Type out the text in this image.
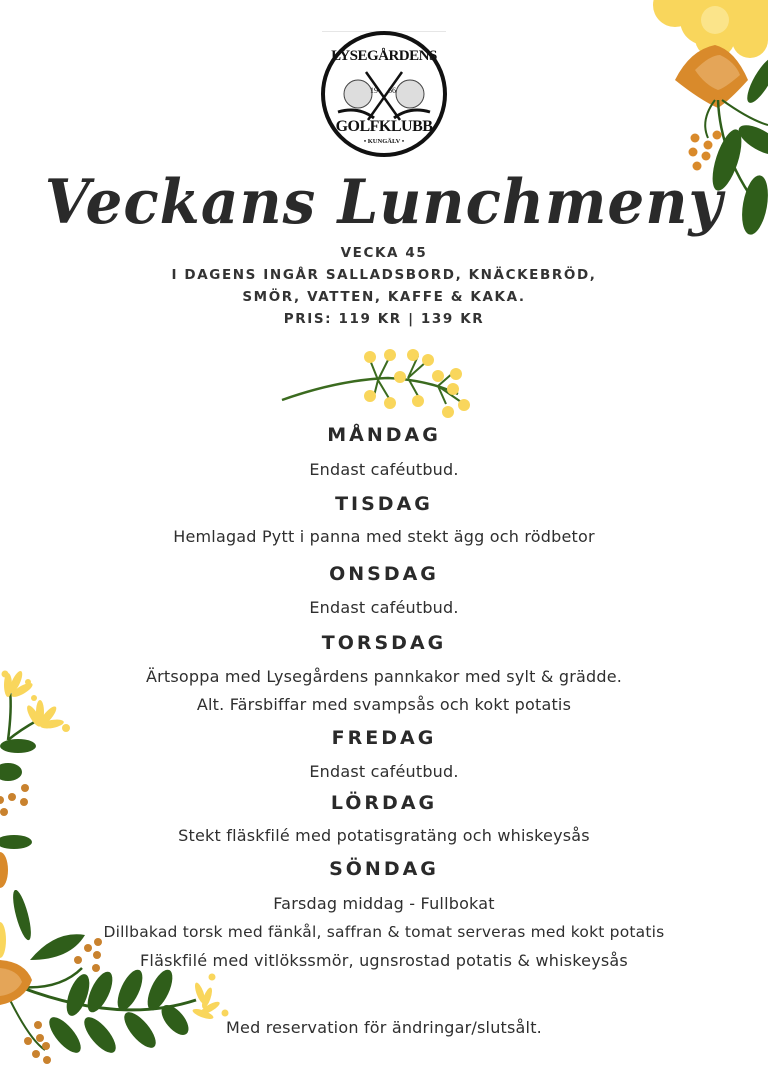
LYSEGÅRDENS
19 66
GOLFKLUBB
• KUNGÄLV •
Veckans Lunchmeny
VECKA 45
I DAGENS INGÅR SALLADSBORD, KNÄCKEBRÖD,
SMÖR, VATTEN, KAFFE & KAKA.
PRIS: 119 KR | 139 KR
MÅNDAG
Endast caféutbud.
TISDAG
Hemlagad Pytt i panna med stekt ägg och rödbetor
ONSDAG
Endast caféutbud.
TORSDAG
Ärtsoppa med Lysegårdens pannkakor med sylt & grädde.
Alt. Färsbiffar med svampsås och kokt potatis
FREDAG
Endast caféutbud.
LÖRDAG
Stekt fläskfilé med potatisgratäng och whiskeysås
SÖNDAG
Farsdag middag - Fullbokat
Dillbakad torsk med fänkål, saffran & tomat serveras med kokt potatis
Fläskfilé med vitlökssmör, ugnsrostad potatis & whiskeysås
Med reservation för ändringar/slutsålt.
